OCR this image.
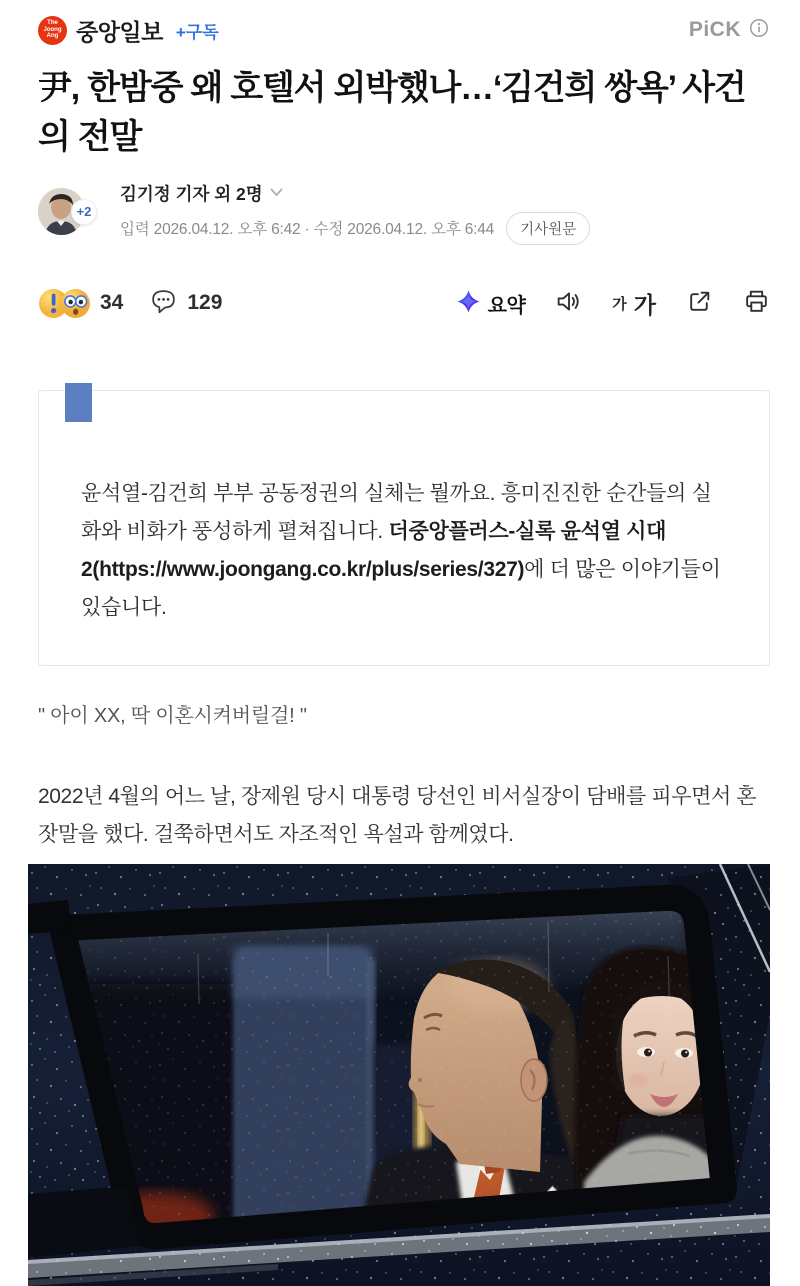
The
Joong
Ang 중앙일보 +구독	PiCK
尹, 한밤중 왜 호텔서 외박했나…‘김건희 쌍욕’ 사건의 전말
+2
김기정 기자 외 2명
입력 2026.04.12. 오후 6:42 · 수정 2026.04.12. 오후 6:44	기사원문
34	129	요약	가 가

윤석열-김건희 부부 공동정권의 실체는 뭘까요. 흥미진진한 순간들의 실화와 비화가 풍성하게 펼쳐집니다. 더중앙플러스-실록 윤석열 시대2(https://www.joongang.co.kr/plus/series/327)에 더 많은 이야기들이 있습니다.

" 아이 XX, 딱 이혼시켜버릴걸! "

2022년 4월의 어느 날, 장제원 당시 대통령 당선인 비서실장이 담배를 피우면서 혼잣말을 했다. 걸쭉하면서도 자조적인 욕설과 함께였다.
